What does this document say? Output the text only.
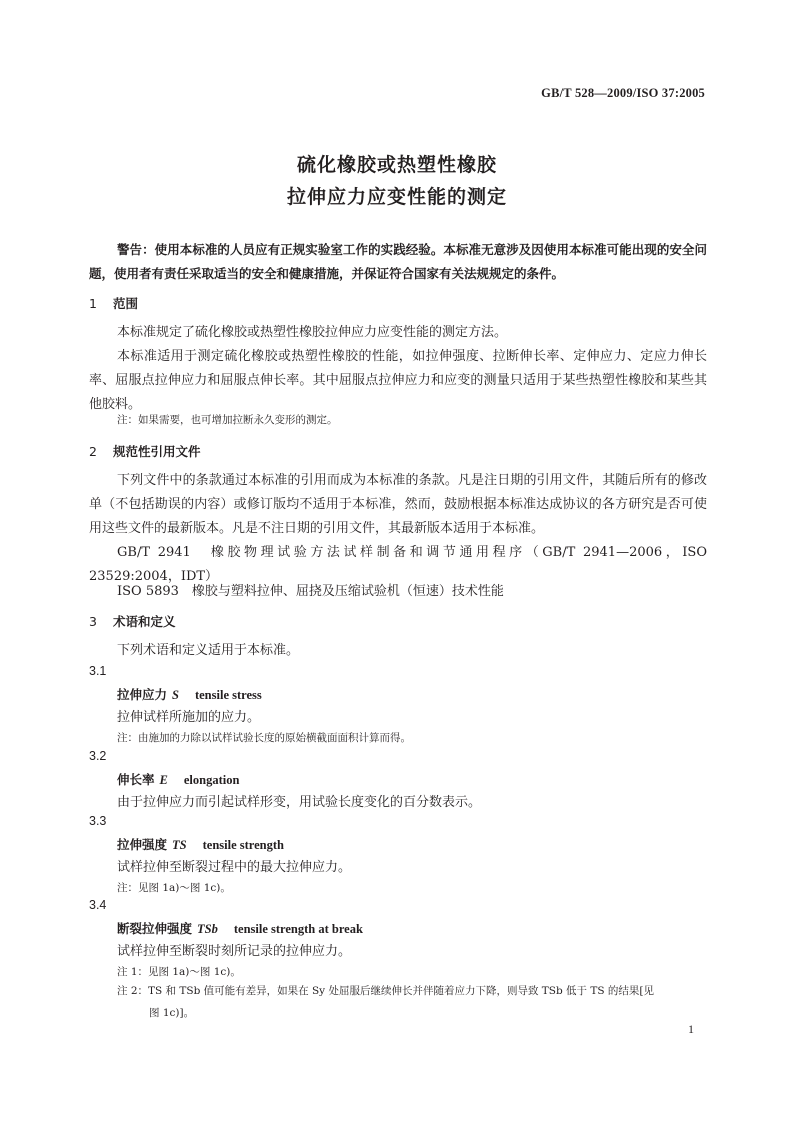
GB/T 528—2009/ISO 37:2005
硫化橡胶或热塑性橡胶
拉伸应力应变性能的测定
警告：使用本标准的人员应有正规实验室工作的实践经验。本标准无意涉及因使用本标准可能出现的安全问题，使用者有责任采取适当的安全和健康措施，并保证符合国家有关法规规定的条件。
1 范围
本标准规定了硫化橡胶或热塑性橡胶拉伸应力应变性能的测定方法。
本标准适用于测定硫化橡胶或热塑性橡胶的性能，如拉伸强度、拉断伸长率、定伸应力、定应力伸长率、屈服点拉伸应力和屈服点伸长率。其中屈服点拉伸应力和应变的测量只适用于某些热塑性橡胶和某些其他胶料。
注：如果需要，也可增加拉断永久变形的测定。
2 规范性引用文件
下列文件中的条款通过本标准的引用而成为本标准的条款。凡是注日期的引用文件，其随后所有的修改单（不包括勘误的内容）或修订版均不适用于本标准，然而，鼓励根据本标准达成协议的各方研究是否可使用这些文件的最新版本。凡是不注日期的引用文件，其最新版本适用于本标准。
GB/T 2941　橡胶物理试验方法试样制备和调节通用程序（GB/T 2941—2006，ISO 23529:2004，IDT）
ISO 5893　橡胶与塑料拉伸、屈挠及压缩试验机（恒速）技术性能
3 术语和定义
下列术语和定义适用于本标准。
3.1
拉伸应力 S tensile stress
拉伸试样所施加的应力。
注：由施加的力除以试样试验长度的原始横截面面积计算而得。
3.2
伸长率 E elongation
由于拉伸应力而引起试样形变，用试验长度变化的百分数表示。
3.3
拉伸强度 TS tensile strength
试样拉伸至断裂过程中的最大拉伸应力。
注：见图 1a)～图 1c)。
3.4
断裂拉伸强度 TSb tensile strength at break
试样拉伸至断裂时刻所记录的拉伸应力。
注 1：见图 1a)～图 1c)。
注 2：TS 和 TSb 值可能有差异，如果在 Sy 处屈服后继续伸长并伴随着应力下降，则导致 TSb 低于 TS 的结果[见
图 1c)]。
1
